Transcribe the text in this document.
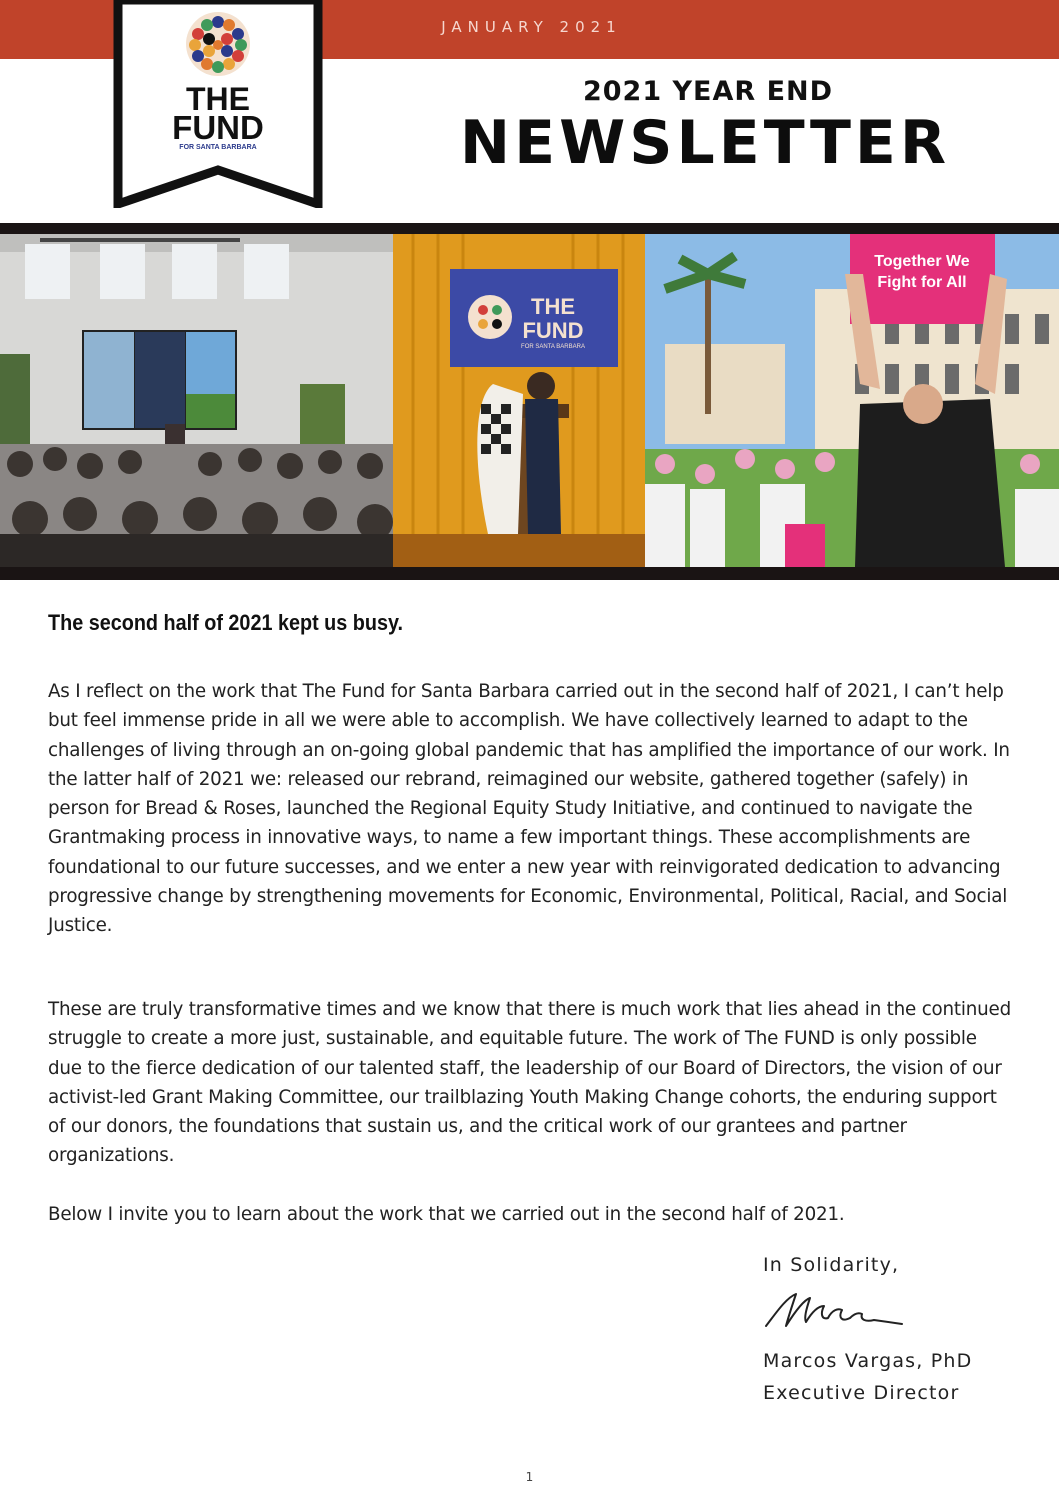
JANUARY 2021
THE
FUND
FOR SANTA BARBARA
2021 YEAR END
NEWSLETTER
THE
FUND
FOR SANTA BARBARA
Together We
Fight for All
The second half of 2021 kept us busy.

As I reflect on the work that The Fund for Santa Barbara carried out in the second half of 2021, I can’t help but feel immense pride in all we were able to accomplish. We have collectively learned to adapt to the challenges of living through an on-going global pandemic that has amplified the importance of our work. In the latter half of 2021 we: released our rebrand, reimagined our website, gathered together (safely) in person for Bread & Roses, launched the Regional Equity Study Initiative, and continued to navigate the Grantmaking process in innovative ways, to name a few important things. These accomplishments are foundational to our future successes, and we enter a new year with reinvigorated dedication to advancing progressive change by strengthening movements for Economic, Environmental, Political, Racial, and Social Justice.

These are truly transformative times and we know that there is much work that lies ahead in the continued struggle to create a more just, sustainable, and equitable future. The work of The FUND is only possible due to the fierce dedication of our talented staff, the leadership of our Board of Directors, the vision of our activist-led Grant Making Committee, our trailblazing Youth Making Change cohorts, the enduring support of our donors, the foundations that sustain us, and the critical work of our grantees and partner organizations.

Below I invite you to learn about the work that we carried out in the second half of 2021.

In Solidarity,
Marcos Vargas, PhD
Executive Director
1
